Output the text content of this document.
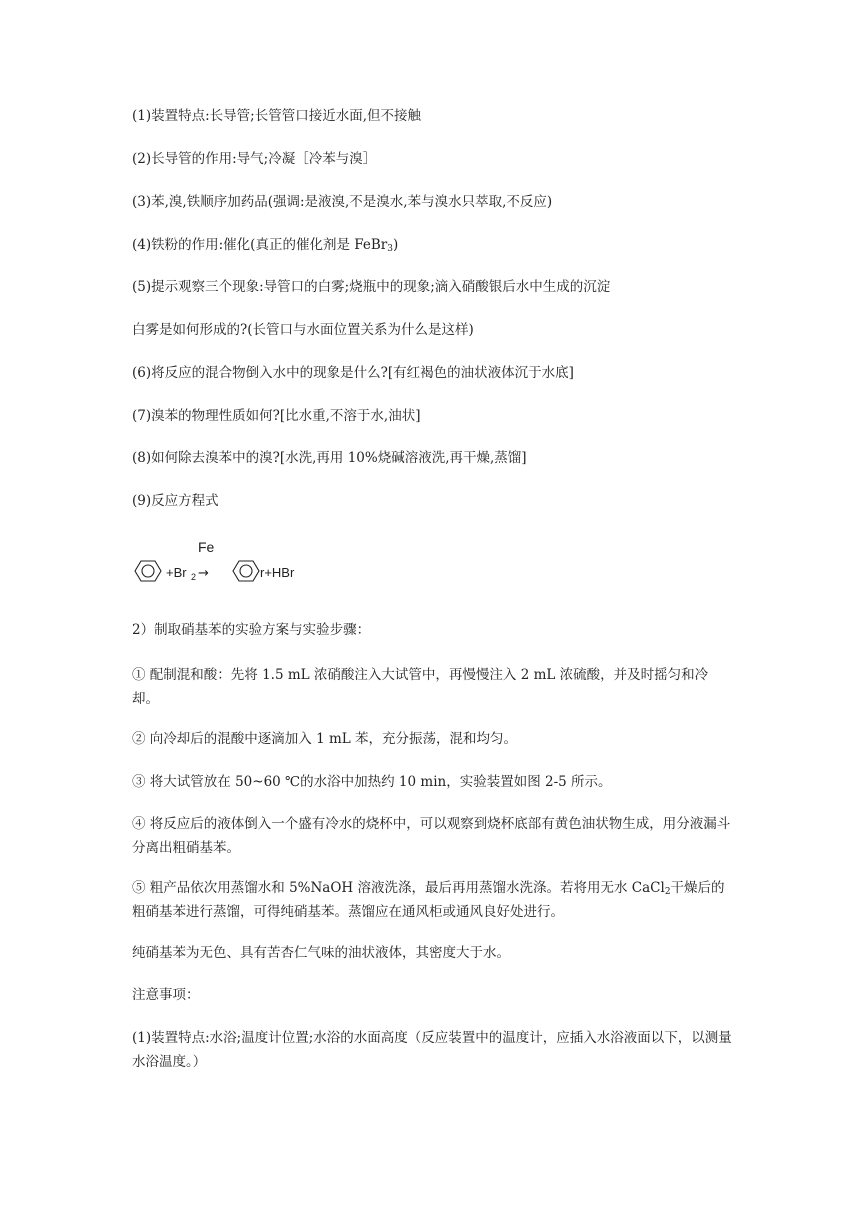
(1)装置特点:长导管;长管管口接近水面,但不接触
(2)长导管的作用:导气;冷凝［冷苯与溴］
(3)苯,溴,铁顺序加药品(强调:是液溴,不是溴水,苯与溴水只萃取,不反应)
(4)铁粉的作用:催化(真正的催化剂是 FeBr$_3$)
(5)提示观察三个现象:导管口的白雾;烧瓶中的现象;滴入硝酸银后水中生成的沉淀
白雾是如何形成的?(长管口与水面位置关系为什么是这样)
(6)将反应的混合物倒入水中的现象是什么?[有红褐色的油状液体沉于水底]
(7)溴苯的物理性质如何?[比水重,不溶于水,油状]
(8)如何除去溴苯中的溴?[水洗,再用 10%烧碱溶液洗,再干燥,蒸馏]
(9)反应方程式
Fe
+Br 2 →	r+HBr
2）制取硝基苯的实验方案与实验步骤：
① 配制混和酸：先将 1.5 mL 浓硝酸注入大试管中，再慢慢注入 2 mL 浓硫酸，并及时摇匀和冷却。
② 向冷却后的混酸中逐滴加入 1 mL 苯，充分振荡，混和均匀。
③ 将大试管放在 50~60 ℃的水浴中加热约 10 min，实验装置如图 2-5 所示。
④ 将反应后的液体倒入一个盛有冷水的烧杯中，可以观察到烧杯底部有黄色油状物生成，用分液漏斗分离出粗硝基苯。
⑤ 粗产品依次用蒸馏水和 5%NaOH 溶液洗涤，最后再用蒸馏水洗涤。若将用无水 CaCl$_2$干燥后的粗硝基苯进行蒸馏，可得纯硝基苯。蒸馏应在通风柜或通风良好处进行。
纯硝基苯为无色、具有苦杏仁气味的油状液体，其密度大于水。
注意事项：
(1)装置特点:水浴;温度计位置;水浴的水面高度（反应装置中的温度计，应插入水浴液面以下，以测量水浴温度。）
